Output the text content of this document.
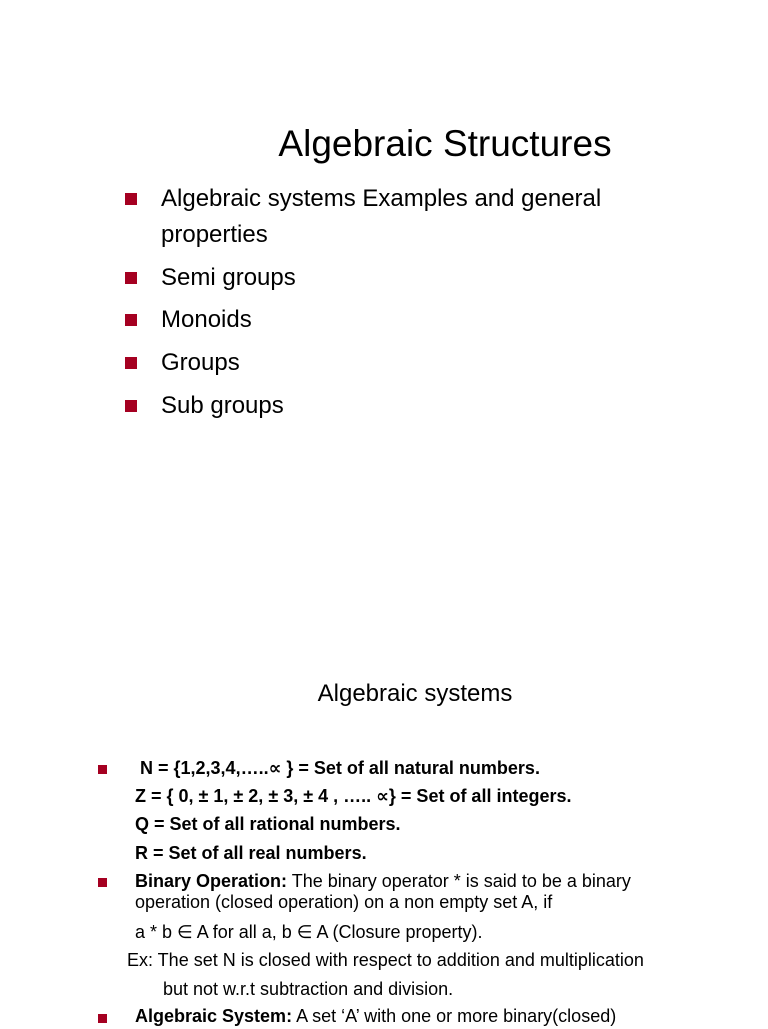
Algebraic Structures
Algebraic systems Examples and general
properties
Semi groups
Monoids
Groups
Sub groups
Algebraic systems
N = {1,2,3,4,…..∝ } = Set of all natural numbers.
Z = { 0, ± 1, ± 2, ± 3, ± 4 , ….. ∝} = Set of all integers.
Q = Set of all rational numbers.
R = Set of all real numbers.
Binary Operation: The binary operator * is said to be a binary
operation (closed operation) on a non empty set A, if
a * b ∈ A for all a, b ∈ A (Closure property).
Ex: The set N is closed with respect to addition and multiplication
but not w.r.t subtraction and division.
Algebraic System: A set ‘A’ with one or more binary(closed)
